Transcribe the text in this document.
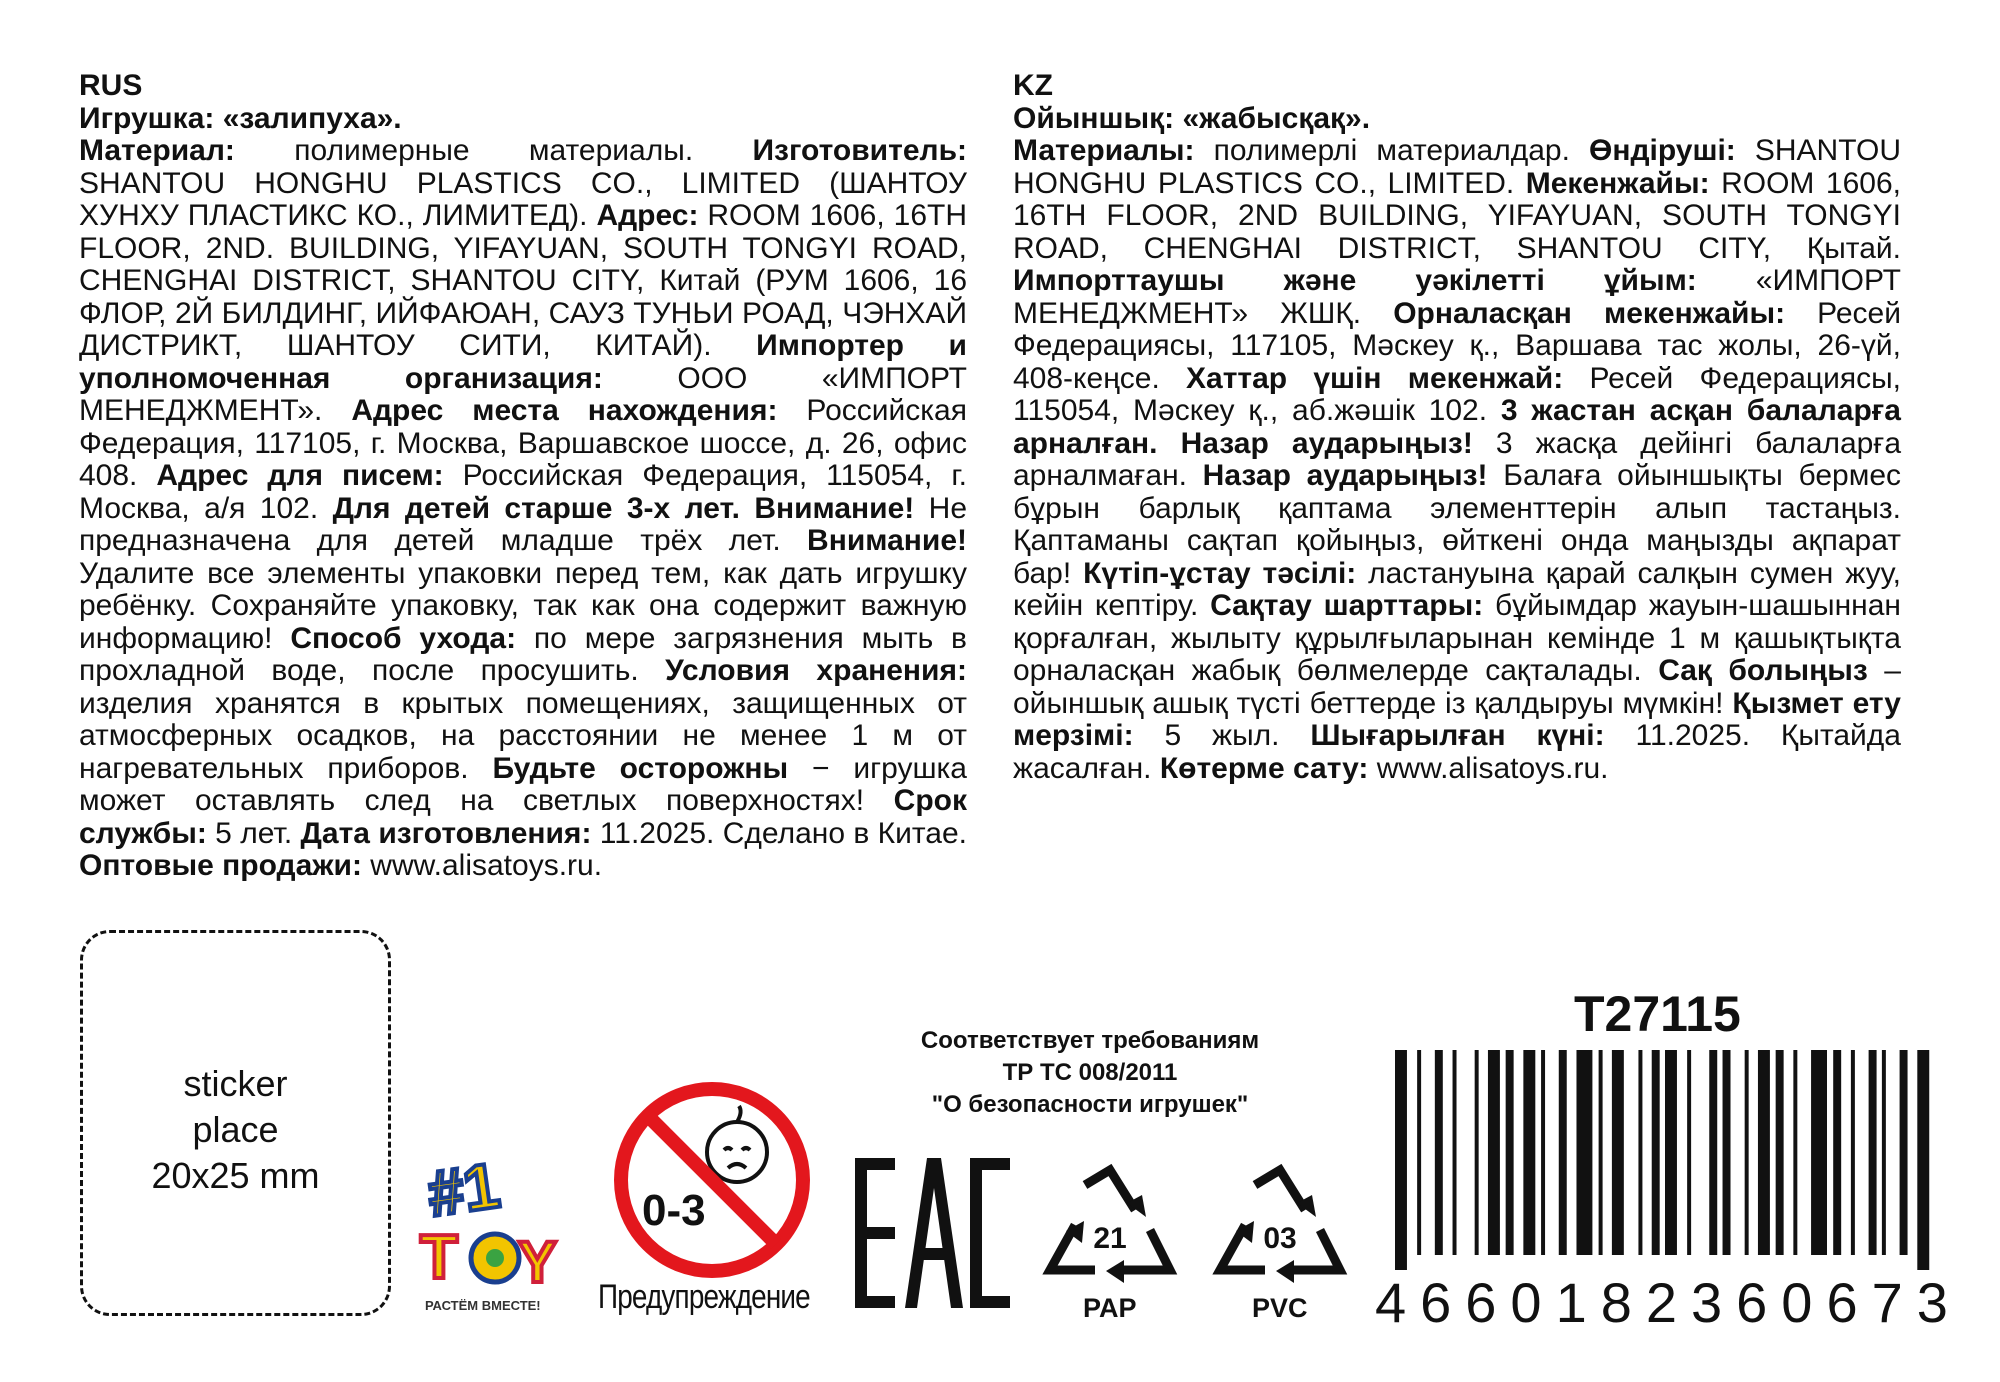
RUS

Игрушка: «залипуха».

Материал: полимерные материалы. Изготовитель: SHANTOU HONGHU PLASTICS CO., LIMITED (ШАНТОУ ХУНХУ ПЛАСТИКС КО., ЛИМИТЕД). Адрес: ROOM 1606, 16TH FLOOR, 2ND. BUILDING, YIFAYUAN, SOUTH TONGYI ROAD, CHENGHAI DISTRICT, SHANTOU CITY, Китай (РУМ 1606, 16 ФЛОР, 2Й БИЛДИНГ, ИЙФАЮАН, САУЗ ТУНЬИ РОАД, ЧЭНХАЙ ДИСТРИКТ, ШАНТОУ СИТИ, КИТАЙ). Импортер и уполномоченная организация: ООО «ИМПОРТ МЕНЕДЖМЕНТ». Адрес места нахождения: Российская Федерация, 117105, г. Москва, Варшавское шоссе, д. 26, офис 408. Адрес для писем: Российская Федерация, 115054, г. Москва, а/я 102. Для детей старше 3-х лет. Внимание! Не предназначена для детей младше трёх лет. Внимание! Удалите все элементы упаковки перед тем, как дать игрушку ребёнку. Сохраняйте упаковку, так как она содержит важную информацию! Способ ухода: по мере загрязнения мыть в прохладной воде, после просушить. Условия хранения: изделия хранятся в крытых помещениях, защищенных от атмосферных осадков, на расстоянии не менее 1 м от нагревательных приборов. Будьте осторожны − игрушка может оставлять след на светлых поверхностях! Срок службы: 5 лет. Дата изготовления: 11.2025. Сделано в Китае. Оптовые продажи: www.alisatoys.ru.

KZ

Ойыншық: «жабысқақ».

Материалы: полимерлі материалдар. Өндіруші: SHANTOU HONGHU PLASTICS CO., LIMITED. Мекенжайы: ROOM 1606, 16TH FLOOR, 2ND BUILDING, YIFAYUAN, SOUTH TONGYI ROAD, CHENGHAI DISTRICT, SHANTOU CITY, Қытай. Импорттаушы және уәкілетті ұйым: «ИМПОРТ МЕНЕДЖМЕНТ» ЖШҚ. Орналасқан мекенжайы: Ресей Федерациясы, 117105, Мәскеу қ., Варшава тас жолы, 26-үй, 408-кеңсе. Хаттар үшін мекенжай: Ресей Федерациясы, 115054, Мәскеу қ., аб.жәшік 102. 3 жастан асқан балаларға арналған. Назар аударыңыз! 3 жасқа дейінгі балаларға арналмаған. Назар аударыңыз! Балаға ойыншықты бермес бұрын барлық қаптама элементтерін алып тастаңыз. Қаптаманы сақтап қойыңыз, өйткені онда маңызды ақпарат бар! Күтіп-ұстау тәсілі: ластануына қарай салқын сумен жуу, кейін кептіру. Сақтау шарттары: бұйымдар жауын-шашыннан қорғалған, жылыту құрылғыларынан кемінде 1 м қашықтықта орналасқан жабық бөлмелерде сақталады. Сақ болыңыз – ойыншық ашық түсті беттерде із қалдыруы мүмкін! Қызмет ету мерзімі: 5 жыл. Шығарылған күні: 11.2025. Қытайда жасалған. Көтерме сату: www.alisatoys.ru.

sticker
place
20x25 mm	#1
T Y
РАСТЁМ ВМЕСТЕ!
0-3
Предупреждение
Соответствует требованиям
ТР ТС 008/2011
"О безопасности игрушек"
21
PAP
03
PVC
T27115
4660182360673
